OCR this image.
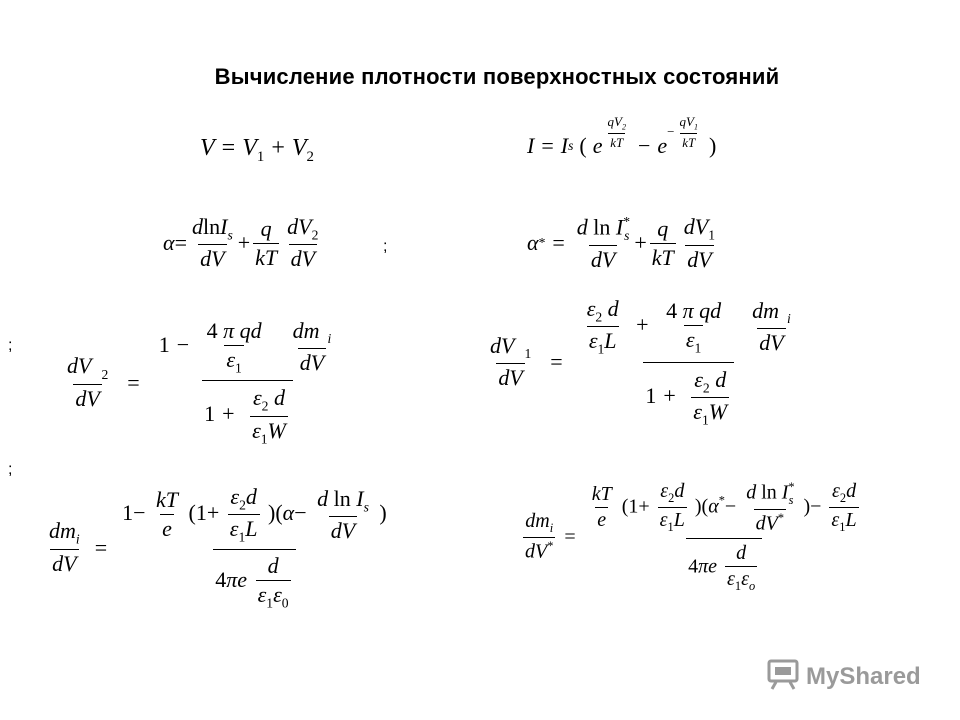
Вычисление плотности поверхностных состояний
$V = V_1 + V_2$	I = I s ( e $\frac{qV_2}{kT} - e$
− $\frac{qV_1}{kT}$ )
$\alpha = \frac{dlnI_s}{dV} + \frac{q}{kT} \frac{dV_2}{dV}$	;	α * = $\frac{d \ln I^*_s}{dV} + \frac{q}{kT} \frac{dV_1}{dV}$
;
$\frac{dV _2}{dV} = 1 - \frac{\text{4 π qd}}{\varepsilon_1}$
$\frac{dm _i}{dV}$
$1 + \frac{\varepsilon_2 d}{\varepsilon_1W}$	$\frac{dV _1}{dV} = \frac{\varepsilon_2 d}{\varepsilon_1L} + \frac{\text{4 π qd}}{\varepsilon_1}$
$\frac{dm _i}{dV}$
$1 + \frac{\varepsilon_2 d}{\varepsilon_1W}$
;
$\frac{dm_i}{dV}$ =
$1- \frac{kT}{e} (1+ \frac{\varepsilon_2d}{\varepsilon_1L} )(\alpha- \frac{d \ln I_s}{dV}$ )
$4\pi e \frac{d}{\varepsilon_1\varepsilon_0}$
$\frac{dm_i}{dV^*}$ =
$\frac{kT}{e} (1+ \frac{\varepsilon_2d}{\varepsilon_1L} )(\alpha^*- \frac{d \ln I^*_s}{dV^*}$ )− $\frac{\varepsilon_2d}{\varepsilon_1L}$
$4\pi e \frac{d}{\varepsilon_1\varepsilon_o}$
MyShared
